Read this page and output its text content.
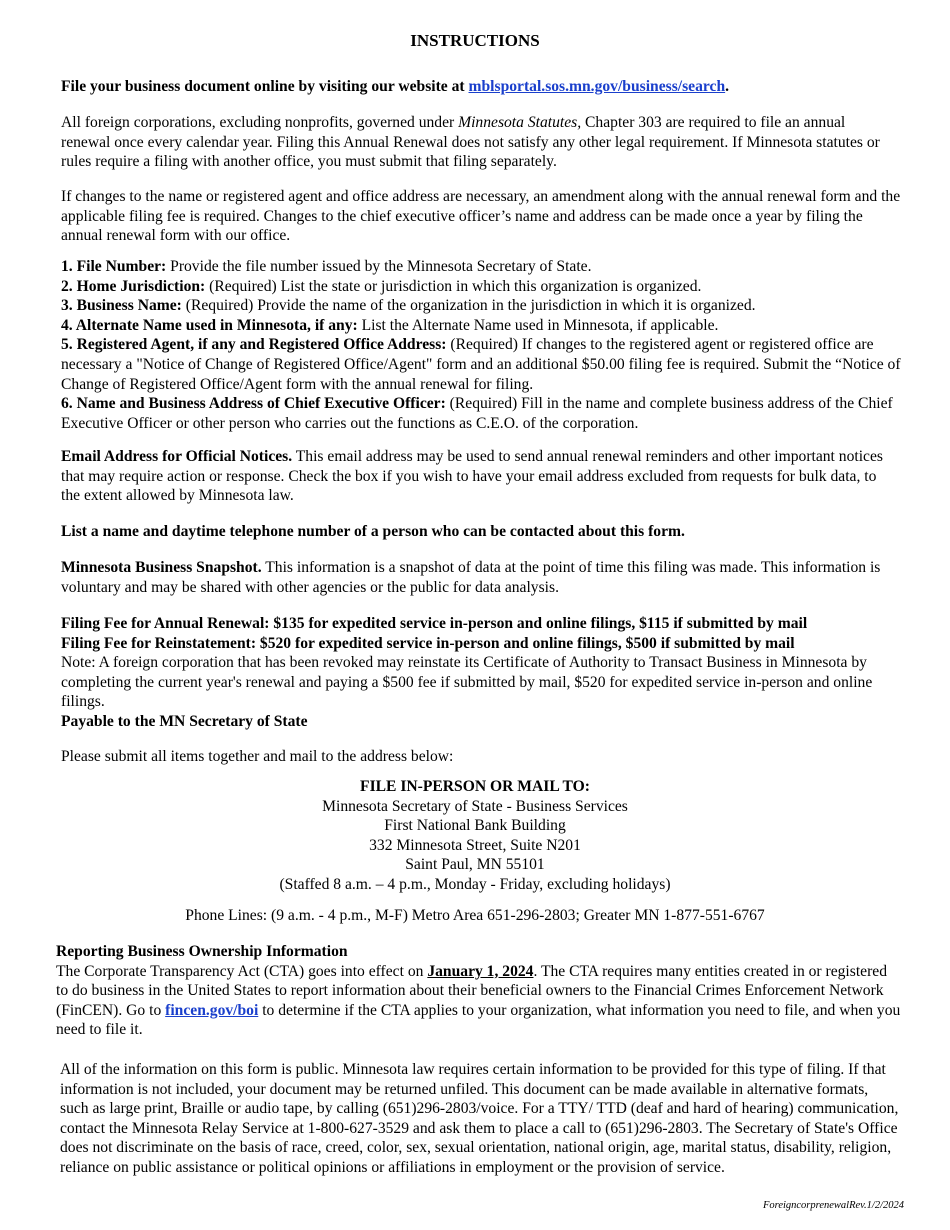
INSTRUCTIONS

File your business document online by visiting our website at mblsportal.sos.mn.gov/business/search.

All foreign corporations, excluding nonprofits, governed under Minnesota Statutes, Chapter 303 are required to file an annual renewal once every calendar year. Filing this Annual Renewal does not satisfy any other legal requirement. If Minnesota statutes or rules require a filing with another office, you must submit that filing separately.

If changes to the name or registered agent and office address are necessary, an amendment along with the annual renewal form and the applicable filing fee is required. Changes to the chief executive officer’s name and address can be made once a year by filing the annual renewal form with our office.

1. File Number: Provide the file number issued by the Minnesota Secretary of State.
2. Home Jurisdiction: (Required) List the state or jurisdiction in which this organization is organized.
3. Business Name: (Required) Provide the name of the organization in the jurisdiction in which it is organized.
4. Alternate Name used in Minnesota, if any: List the Alternate Name used in Minnesota, if applicable.
5. Registered Agent, if any and Registered Office Address: (Required) If changes to the registered agent or registered office are necessary a "Notice of Change of Registered Office/Agent" form and an additional $50.00 filing fee is required. Submit the “Notice of Change of Registered Office/Agent form with the annual renewal for filing.
6. Name and Business Address of Chief Executive Officer: (Required) Fill in the name and complete business address of the Chief Executive Officer or other person who carries out the functions as C.E.O. of the corporation.

Email Address for Official Notices. This email address may be used to send annual renewal reminders and other important notices that may require action or response. Check the box if you wish to have your email address excluded from requests for bulk data, to the extent allowed by Minnesota law.

List a name and daytime telephone number of a person who can be contacted about this form.

Minnesota Business Snapshot. This information is a snapshot of data at the point of time this filing was made. This information is voluntary and may be shared with other agencies or the public for data analysis.

Filing Fee for Annual Renewal: $135 for expedited service in-person and online filings, $115 if submitted by mail
Filing Fee for Reinstatement: $520 for expedited service in-person and online filings, $500 if submitted by mail
Note: A foreign corporation that has been revoked may reinstate its Certificate of Authority to Transact Business in Minnesota by completing the current year's renewal and paying a $500 fee if submitted by mail, $520 for expedited service in-person and online filings.
Payable to the MN Secretary of State

Please submit all items together and mail to the address below:

FILE IN-PERSON OR MAIL TO:
Minnesota Secretary of State - Business Services
First National Bank Building
332 Minnesota Street, Suite N201
Saint Paul, MN 55101
(Staffed 8 a.m. – 4 p.m., Monday - Friday, excluding holidays)

Phone Lines: (9 a.m. - 4 p.m., M-F) Metro Area 651-296-2803; Greater MN 1-877-551-6767

Reporting Business Ownership Information
The Corporate Transparency Act (CTA) goes into effect on January 1, 2024. The CTA requires many entities created in or registered to do business in the United States to report information about their beneficial owners to the Financial Crimes Enforcement Network (FinCEN). Go to fincen.gov/boi to determine if the CTA applies to your organization, what information you need to file, and when you need to file it.

All of the information on this form is public. Minnesota law requires certain information to be provided for this type of filing. If that information is not included, your document may be returned unfiled. This document can be made available in alternative formats, such as large print, Braille or audio tape, by calling (651)296-2803/voice. For a TTY/ TTD (deaf and hard of hearing) communication, contact the Minnesota Relay Service at 1-800-627-3529 and ask them to place a call to (651)296-2803. The Secretary of State's Office does not discriminate on the basis of race, creed, color, sex, sexual orientation, national origin, age, marital status, disability, religion, reliance on public assistance or political opinions or affiliations in employment or the provision of service.

ForeigncorprenewalRev.1/2/2024
